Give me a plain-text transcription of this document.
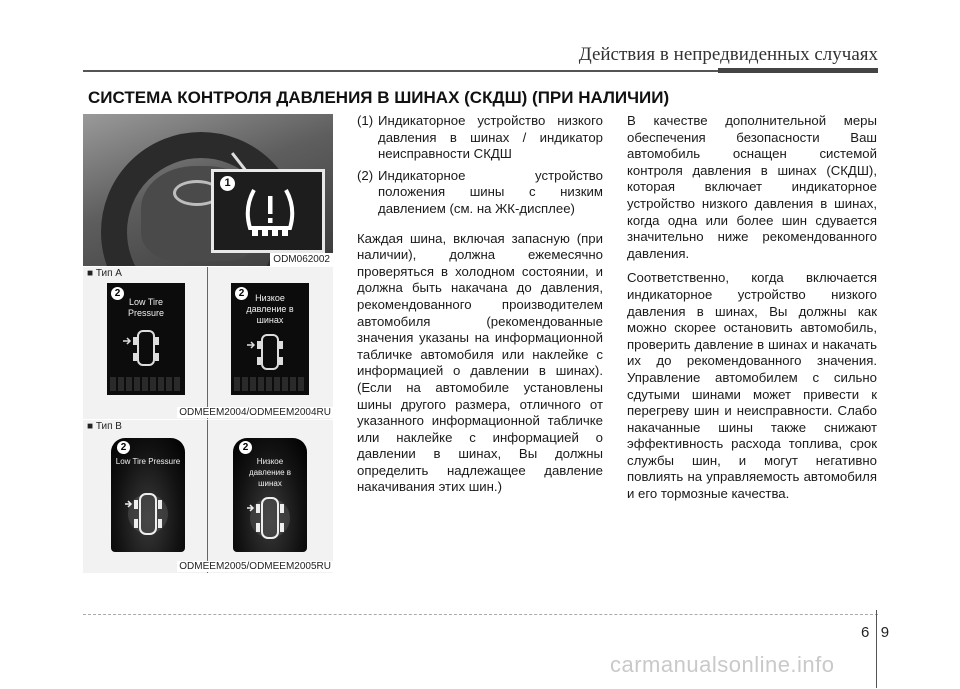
Действия в непредвиденных случаях
СИСТЕМА КОНТРОЛЯ ДАВЛЕНИЯ В ШИНАХ (СКДШ) (ПРИ НАЛИЧИИ)
1
ODM062002
■ Тип A
2
Low Tire Pressure
2	Низкое давление в шинах
ODMEEM2004/ODMEEM2004RU
■ Тип B
2
Low Tire Pressure
2
Низкое давление в шинах
ODMEEM2005/ODMEEM2005RU
(1) Индикаторное устройство низкого давления в шинах / индикатор неисправности СКДШ
(2) Индикаторное устройство положения шины с низким давлением (см. на ЖК-дисплее)

Каждая шина, включая запасную (при наличии), должна ежемесячно проверяться в холодном состоянии, и должна быть накачана до давления, рекомендованного производителем автомобиля (рекомендованные значения указаны на информационной табличке автомобиля или наклейке с информацией о давлении в шинах). (Если на автомобиле установлены шины другого размера, отличного от указанного информационной табличке или наклейке с информацией о давлении в шинах, Вы должны определить надлежащее давление накачивания этих шин.)

В качестве дополнительной меры обеспечения безопасности Ваш автомобиль оснащен системой контроля давления в шинах (СКДШ), которая включает индикаторное устройство низкого давления в шинах, когда одна или более шин сдувается значительно ниже рекомендованного давления.

Соответственно, когда включается индикаторное устройство низкого давления в шинах, Вы должны как можно скорее остановить автомобиль, проверить давление в шинах и накачать их до рекомендованного значения. Управление автомобилем с сильно сдутыми шинами может привести к перегреву шин и неисправности. Слабо накачанные шины также снижают эффективность расхода топлива, срок службы шин, и могут негативно повлиять на управляемость автомобиля и его тормозные качества.

6 9
carmanualsonline.info
